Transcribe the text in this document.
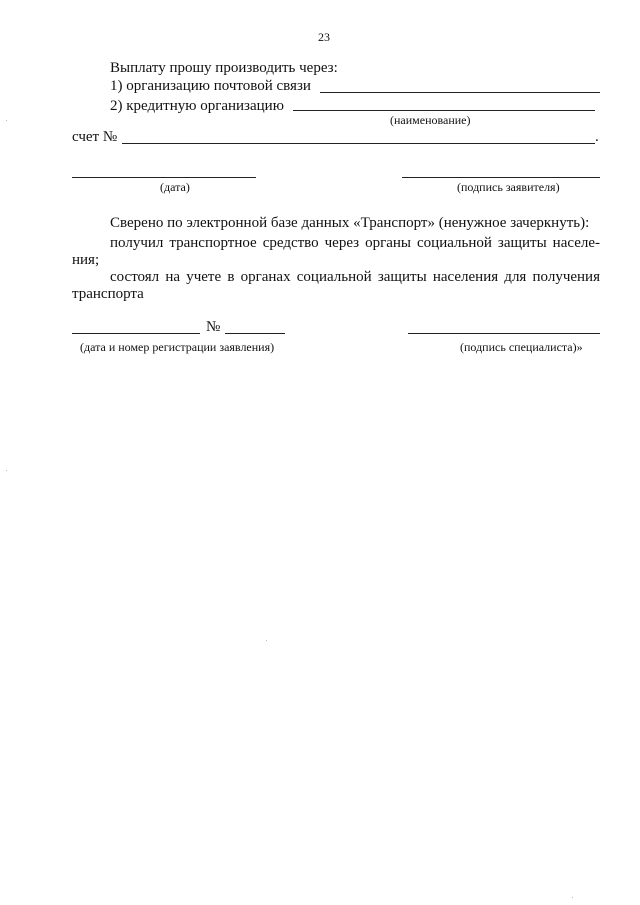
23
Выплату прошу производить через:
1) организацию почтовой связи
2) кредитную организацию
(наименование)
счет №	.
(дата)	(подпись заявителя)
Сверено по электронной базе данных «Транспорт» (ненужное зачеркнуть):
получил транспортное средство через органы социальной защиты населе-
ния;
состоял на учете в органах социальной защиты населения для получения
транспорта
№
(дата и номер регистрации заявления)	(подпись специалиста)»
